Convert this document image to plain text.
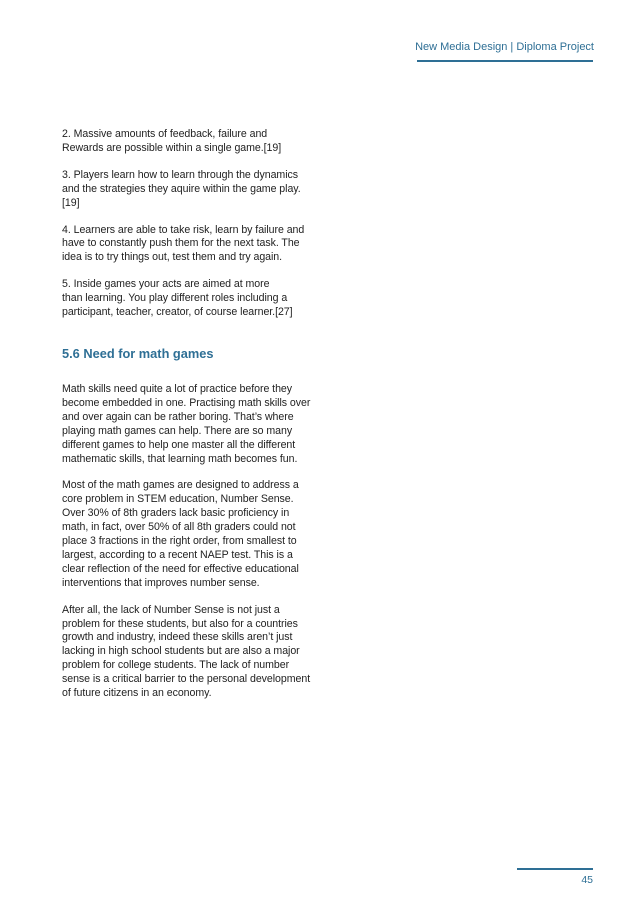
New Media Design | Diploma Project

2. Massive amounts of feedback, failure and
Rewards are possible within a single game.[19]

3. Players learn how to learn through the dynamics
and the strategies they aquire within the game play.
[19]

4. Learners are able to take risk, learn by failure and
have to constantly push them for the next task. The
idea is to try things out, test them and try again.

5. Inside games your acts are aimed at more
than learning. You play different roles including a
participant, teacher, creator, of course learner.[27]

5.6 Need for math games

Math skills need quite a lot of practice before they
become embedded in one. Practising math skills over
and over again can be rather boring. That’s where
playing math games can help. There are so many
different games to help one master all the different
mathematic skills, that learning math becomes fun.

Most of the math games are designed to address a
core problem in STEM education, Number Sense.
Over 30% of 8th graders lack basic proficiency in
math, in fact, over 50% of all 8th graders could not
place 3 fractions in the right order, from smallest to
largest, according to a recent NAEP test. This is a
clear reflection of the need for effective educational
interventions that improves number sense.

After all, the lack of Number Sense is not just a
problem for these students, but also for a countries
growth and industry, indeed these skills aren’t just
lacking in high school students but are also a major
problem for college students. The lack of number
sense is a critical barrier to the personal development
of future citizens in an economy.

45
